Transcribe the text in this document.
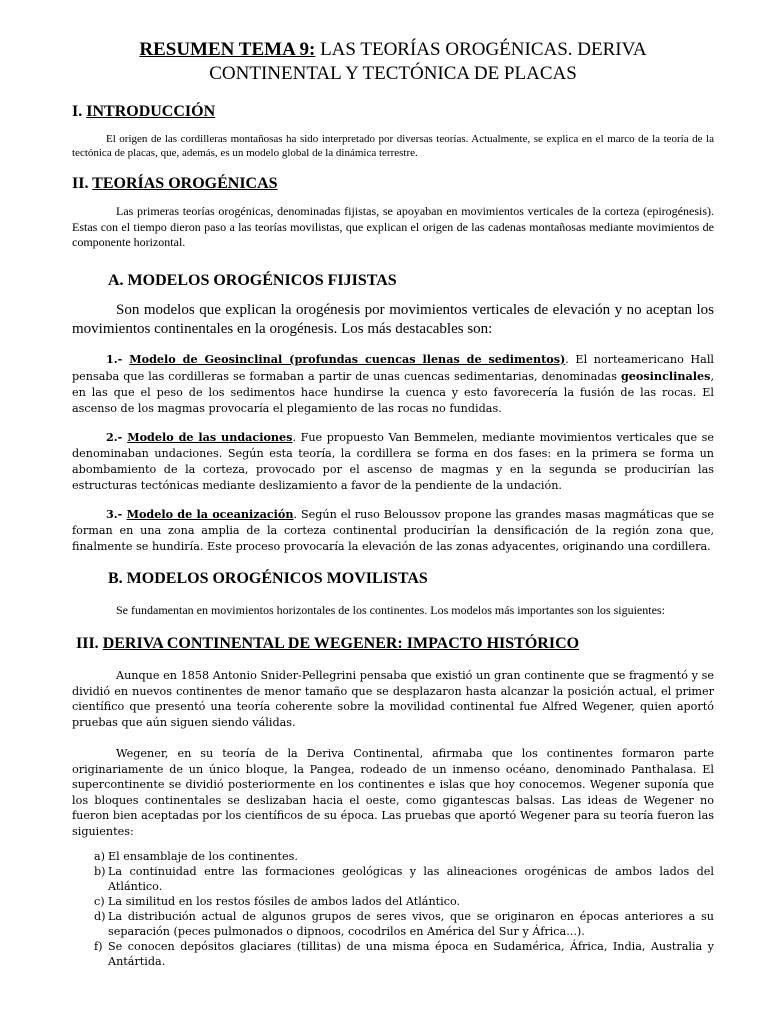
RESUMEN TEMA 9: LAS TEORÍAS OROGÉNICAS. DERIVA
CONTINENTAL Y TECTÓNICA DE PLACAS
I. INTRODUCCIÓN

El origen de las cordilleras montañosas ha sido interpretado por diversas teorías. Actualmente, se explica en el marco de la teoría de la tectónica de placas, que, además, es un modelo global de la dinámica terrestre.

II. TEORÍAS OROGÉNICAS

Las primeras teorías orogénicas, denominadas fijistas, se apoyaban en movimientos verticales de la corteza (epirogénesis). Estas con el tiempo dieron paso a las teorías movilistas, que explican el origen de las cadenas montañosas mediante movimientos de componente horizontal.

A. MODELOS OROGÉNICOS FIJISTAS

Son modelos que explican la orogénesis por movimientos verticales de elevación y no aceptan los movimientos continentales en la orogénesis. Los más destacables son:

1.- Modelo de Geosinclinal (profundas cuencas llenas de sedimentos). El norteamericano Hall pensaba que las cordilleras se formaban a partir de unas cuencas sedimentarias, denominadas geosinclinales, en las que el peso de los sedimentos hace hundirse la cuenca y esto favorecería la fusión de las rocas. El ascenso de los magmas provocaría el plegamiento de las rocas no fundidas.

2.- Modelo de las undaciones. Fue propuesto Van Bemmelen, mediante movimientos verticales que se denominaban undaciones. Según esta teoría, la cordillera se forma en dos fases: en la primera se forma un abombamiento de la corteza, provocado por el ascenso de magmas y en la segunda se producirían las estructuras tectónicas mediante deslizamiento a favor de la pendiente de la undación.

3.- Modelo de la oceanización. Según el ruso Beloussov propone las grandes masas magmáticas que se forman en una zona amplia de la corteza continental producirían la densificación de la región zona que, finalmente se hundiría. Este proceso provocaría la elevación de las zonas adyacentes, originando una cordillera.

B. MODELOS OROGÉNICOS MOVILISTAS

Se fundamentan en movimientos horizontales de los continentes. Los modelos más importantes son los siguientes:

III. DERIVA CONTINENTAL DE WEGENER: IMPACTO HISTÓRICO

Aunque en 1858 Antonio Snider-Pellegrini pensaba que existió un gran continente que se fragmentó y se dividió en nuevos continentes de menor tamaño que se desplazaron hasta alcanzar la posición actual, el primer científico que presentó una teoría coherente sobre la movilidad continental fue Alfred Wegener, quien aportó pruebas que aún siguen siendo válidas.

Wegener, en su teoría de la Deriva Continental, afirmaba que los continentes formaron parte originariamente de un único bloque, la Pangea, rodeado de un inmenso océano, denominado Panthalasa. El supercontinente se dividió posteriormente en los continentes e islas que hoy conocemos. Wegener suponía que los bloques continentales se deslizaban hacia el oeste, como gigantescas balsas. Las ideas de Wegener no fueron bien aceptadas por los científicos de su época. Las pruebas que aportó Wegener para su teoría fueron las siguientes:

a) El ensamblaje de los continentes.
b) La continuidad entre las formaciones geológicas y las alineaciones orogénicas de ambos lados del Atlántico.
c) La similitud en los restos fósiles de ambos lados del Atlántico.
d) La distribución actual de algunos grupos de seres vivos, que se originaron en épocas anteriores a su separación (peces pulmonados o dipnoos, cocodrilos en América del Sur y África...).
f) Se conocen depósitos glaciares (tillitas) de una misma época en Sudamérica, África, India, Australia y Antártida.
